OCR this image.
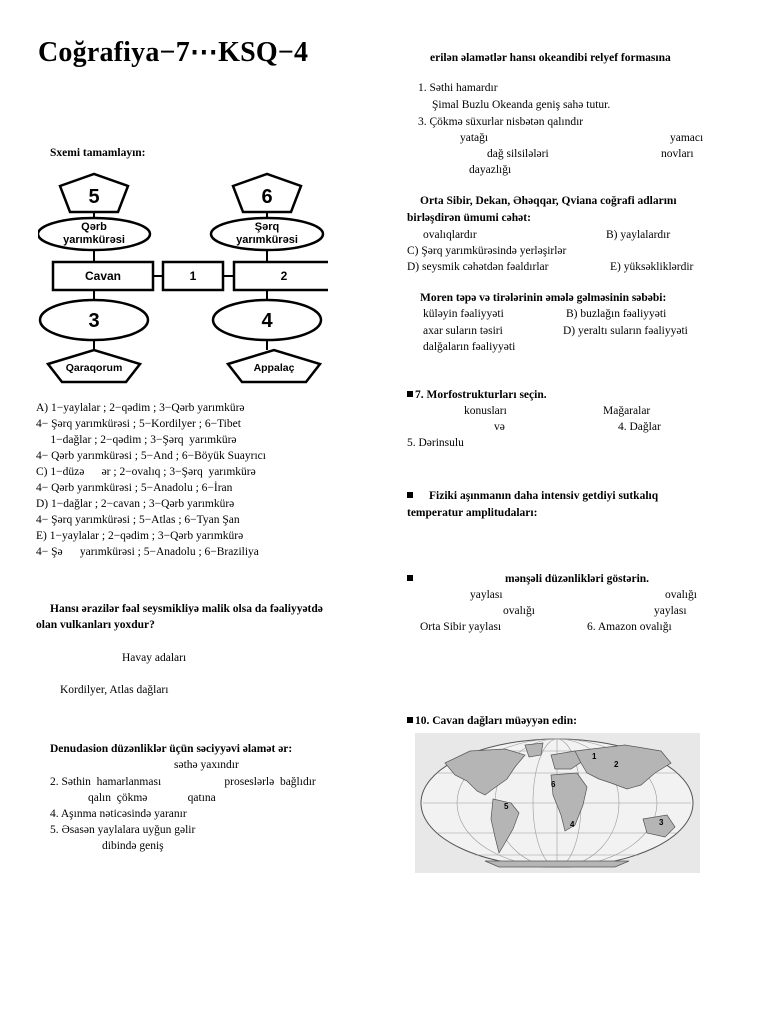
Coğrafiya−7⋯KSQ−4
Sxemi tamamlayın:
5	6
Qərb
yarımkürəsi
Şərq
yarımkürəsi
Cavan	1	2
3	4
Qaraqorum	Appalaç
A) 1−yaylalar ; 2−qədim ; 3−Qərb yarımkürə
4− Şərq yarımkürəsi ; 5−Kordilyer ; 6−Tibet
1−dağlar ; 2−qədim ; 3−Şərq  yarımkürə
4− Qərb yarımkürəsi ; 5−And ; 6−Böyük Suayrıcı
C) 1−düzə      ər ; 2−ovalıq ; 3−Şərq  yarımkürə
4− Qərb yarımkürəsi ; 5−Anadolu ; 6−İran
D) 1−dağlar ; 2−cavan ; 3−Qərb yarımkürə
4− Şərq yarımkürəsi ; 5−Atlas ; 6−Tyan Şan
E) 1−yaylalar ; 2−qədim ; 3−Qərb yarımkürə
4− Şə      yarımkürəsi ; 5−Anadolu ; 6−Braziliya
Hansı ərazilər fəal seysmikliyə malik olsa da fəaliyyətdə
olan vulkanları yoxdur?
Havay adaları
Kordilyer, Atlas dağları
Denudasion düzənliklər üçün səciyyəvi əlamət ər:
səthə yaxındır
2. Səthin  hamarlanması                      proseslərlə  bağlıdır
qalın  çökmə              qatına
4. Aşınma nəticəsində yaranır
5. Əsasən yaylalara uyğun gəlir
dibində geniş
erilən əlamətlər hansı okeandibi relyef formasına
1. Səthi hamardır
Şimal Buzlu Okeanda geniş sahə tutur.
3. Çökmə süxurlar nisbətən qalındır
yatağı	yamacı
dağ silsilələri	novları
dayazlığı
Orta Sibir, Dekan, Əhəqqar, Qviana coğrafi adlarını
birləşdirən ümumi cəhət:
ovalıqlardır	B) yaylalardır
C) Şərq yarımkürəsində yerləşirlər
D) seysmik cəhətdən fəaldırlar	E) yüksəkliklərdir
Moren təpə və tirələrinin əmələ gəlməsinin səbəbi:
küləyin fəaliyyəti	B) buzlağın fəaliyyəti
axar suların təsiri	D) yeraltı suların fəaliyyəti
dalğaların fəaliyyəti
7. Morfostrukturları seçin.
konusları	Mağaralar
və	4. Dağlar
5. Dərinsulu
Fiziki aşınmanın daha intensiv getdiyi sutkalıq
temperatur amplitudaları:
mənşəli düzənlikləri göstərin.
yaylası	ovalığı
ovalığı	yaylası
Orta Sibir yaylası	6. Amazon ovalığı
10. Cavan dağları müəyyən edin:
1
2
3
4
5
6
